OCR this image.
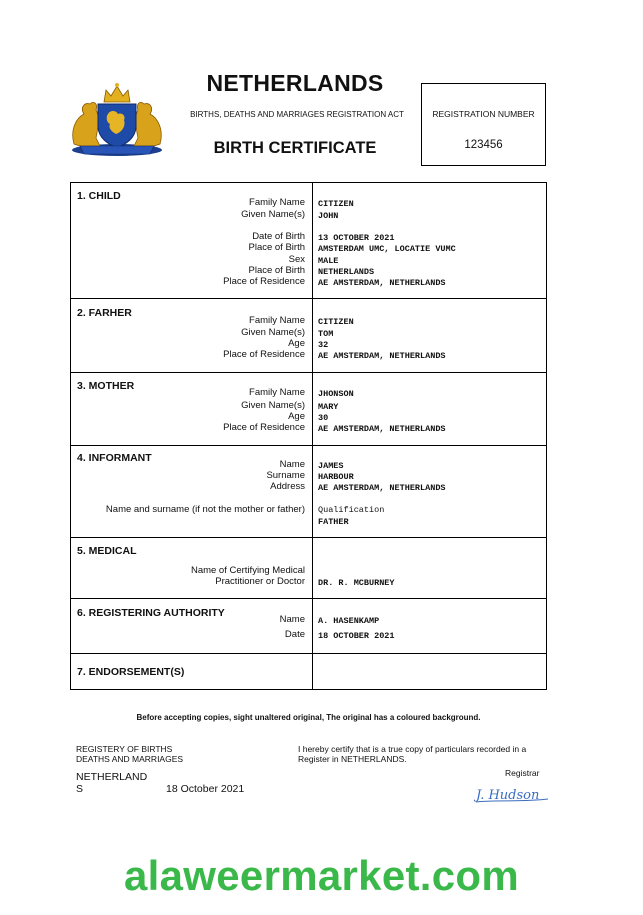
NETHERLANDS
BIRTHS, DEATHS AND MARRIAGES REGISTRATION ACT
BIRTH CERTIFICATE
REGISTRATION NUMBER
123456
1. CHILD
Family Name CITIZEN
Given Name(s) JOHN
Date of Birth 13 OCTOBER 2021
Place of Birth AMSTERDAM UMC, LOCATIE VUMC
Sex MALE
Place of Birth NETHERLANDS
Place of Residence AE AMSTERDAM, NETHERLANDS
2. FARHER
Family Name CITIZEN
Given Name(s) TOM
Age 32
Place of Residence AE AMSTERDAM, NETHERLANDS
3. MOTHER
Family Name JHONSON
Given Name(s) MARY
Age 30
Place of Residence AE AMSTERDAM, NETHERLANDS
4. INFORMANT
Name JAMES
Surname HARBOUR
Address AE AMSTERDAM, NETHERLANDS
Name and surname (if not the mother or father) Qualification
FATHER
5. MEDICAL
Name of Certifying Medical
Practitioner or Doctor DR. R. MCBURNEY
6. REGISTERING AUTHORITY
Name A. HASENKAMP
Date 18 OCTOBER 2021
7. ENDORSEMENT(S)
Before accepting copies, sight unaltered original, The original has a coloured background.
REGISTERY OF BIRTHS
DEATHS AND MARRIAGES
NETHERLAND
S	18 October 2021
I hereby certify that is a true copy of particulars recorded in a
Register in NETHERLANDS.
Registrar
J. Hudson
alaweermarket.com
